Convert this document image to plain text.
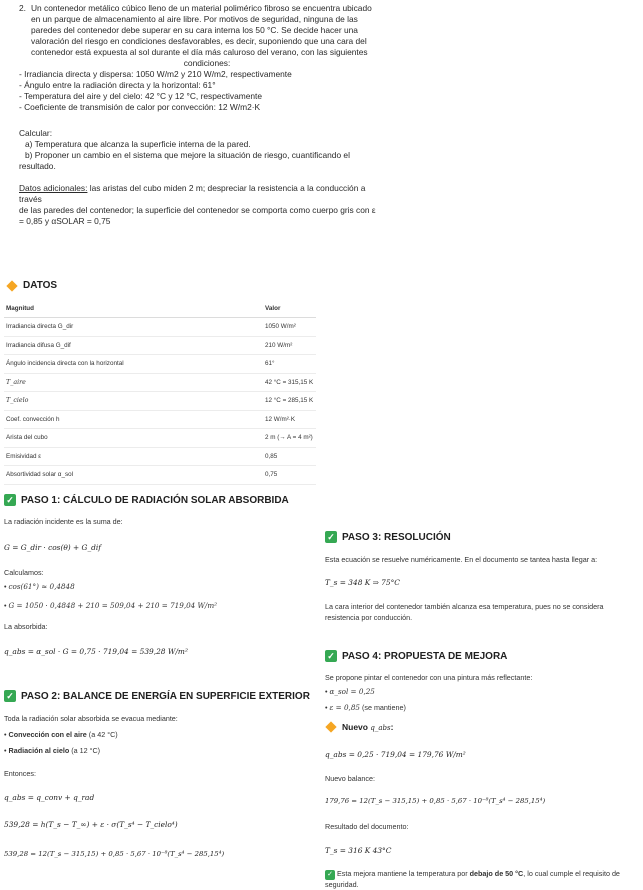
2. Un contenedor metálico cúbico lleno de un material polimérico fibroso se encuentra ubicado

en un parque de almacenamiento al aire libre. Por motivos de seguridad, ninguna de las

paredes del contenedor debe superar en su cara interna los 50 °C. Se decide hacer una

valoración del riesgo en condiciones desfavorables, es decir, suponiendo que una cara del

contenedor está expuesta al sol durante el día más caluroso del verano, con las siguientes

condiciones:

- Irradiancia directa y dispersa: 1050 W/m2 y 210 W/m2, respectivamente

- Ángulo entre la radiación directa y la horizontal: 61°

- Temperatura del aire y del cielo: 42 °C y 12 °C, respectivamente

- Coeficiente de transmisión de calor por convección: 12 W/m2·K

Calcular:

a) Temperatura que alcanza la superficie interna de la pared.

b) Proponer un cambio en el sistema que mejore la situación de riesgo, cuantificando el

resultado.

Datos adicionales: las aristas del cubo miden 2 m; despreciar la resistencia a la conducción a través

de las paredes del contenedor; la superficie del contenedor se comporta como cuerpo gris con ε

= 0,85 y αSOLAR = 0,75

DATOS
Magnitud	Valor
Irradiancia directa G_dir	1050 W/m²
Irradiancia difusa G_dif	210 W/m²
Ángulo incidencia directa con la horizontal	61°
T_aire	42 °C = 315,15 K
T_cielo	12 °C = 285,15 K
Coef. convección h	12 W/m²·K
Arista del cubo	2 m (→ A = 4 m²)
Emisividad ε	0,85
Absortividad solar α_sol	0,75
✓ PASO 1: CÁLCULO DE RADIACIÓN SOLAR ABSORBIDA
La radiación incidente es la suma de:
G = G_dir · cos(θ) + G_dif
Calculamos:
• cos(61°) ≈ 0,4848
• G = 1050 · 0,4848 + 210 = 509,04 + 210 = 719,04 W/m²
La absorbida:
q_abs = α_sol · G = 0,75 · 719,04 = 539,28 W/m²
✓ PASO 2: BALANCE DE ENERGÍA EN SUPERFICIE EXTERIOR
Toda la radiación solar absorbida se evacua mediante:
• Convección con el aire (a 42 °C)
• Radiación al cielo (a 12 °C)
Entonces:
q_abs = q_conv + q_rad
539,28 = h(T_s − T_∞) + ε · σ(T_s⁴ − T_cielo⁴)
539,28 = 12(T_s − 315,15) + 0,85 · 5,67 · 10⁻⁸(T_s⁴ − 285,15⁴)
✓ PASO 3: RESOLUCIÓN
Esta ecuación se resuelve numéricamente. En el documento se tantea hasta llegar a:
T_s = 348 K ⇒ 75°C
La cara interior del contenedor también alcanza esa temperatura, pues no se considera
resistencia por conducción.
✓ PASO 4: PROPUESTA DE MEJORA
Se propone pintar el contenedor con una pintura más reflectante:
• α_sol = 0,25
• ε = 0,85 (se mantiene)
Nuevo q_abs:
q_abs = 0,25 · 719,04 = 179,76 W/m²
Nuevo balance:
179,76 = 12(T_s − 315,15) + 0,85 · 5,67 · 10⁻⁸(T_s⁴ − 285,15⁴)
Resultado del documento:
T_s = 316 K 43°C
✓ Esta mejora mantiene la temperatura por debajo de 50 °C, lo cual cumple el requisito de
seguridad.
